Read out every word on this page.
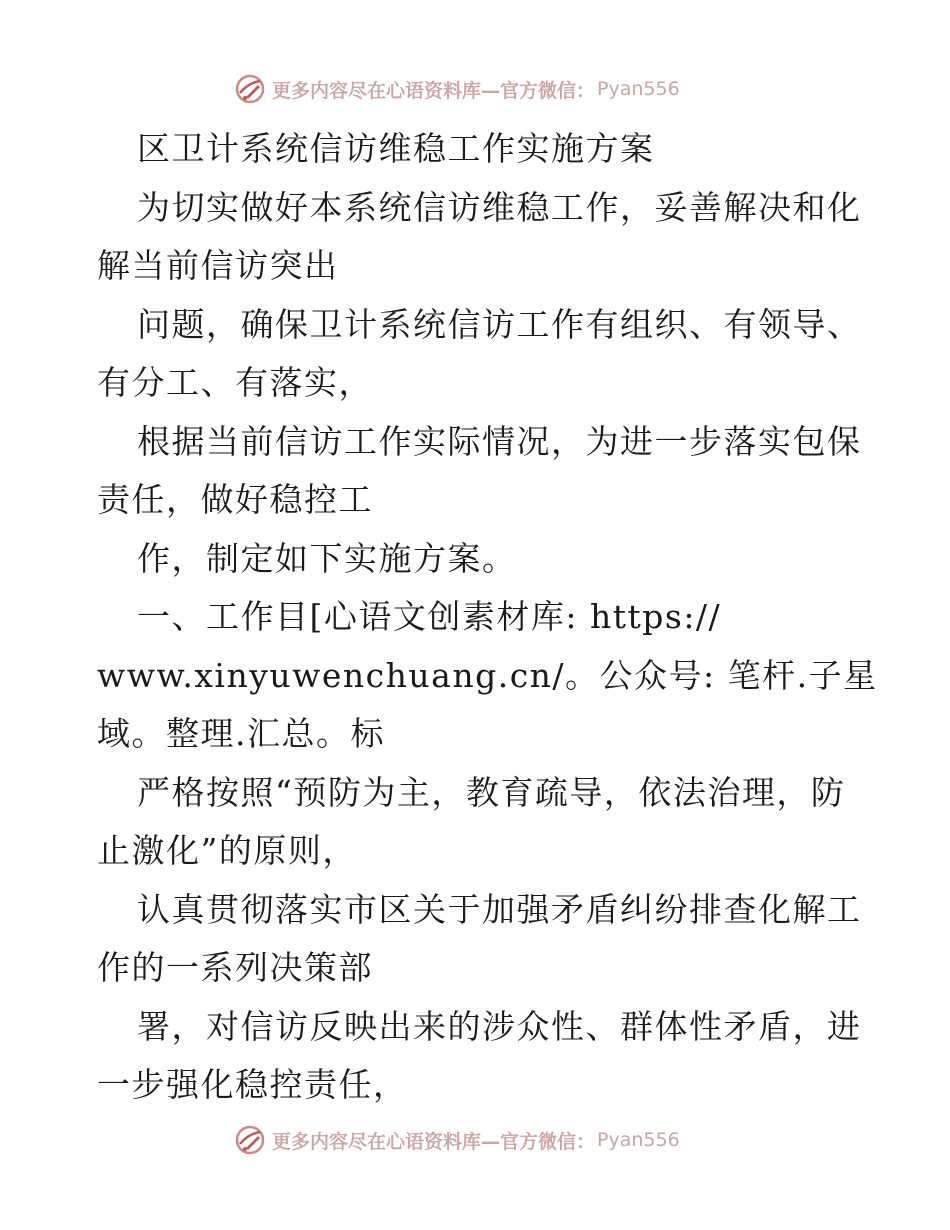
更多内容尽在心语资料库—官方微信： Pyan556
区卫计系统信访维稳工作实施方案
为切实做好本系统信访维稳工作，妥善解决和化
解当前信访突出
问题，确保卫计系统信访工作有组织、有领导、
有分工、有落实，
根据当前信访工作实际情况，为进一步落实包保
责任，做好稳控工
作，制定如下实施方案。
一、工作目[心语文创素材库: https://
www.xinyuwenchuang.cn/。公众号: 笔杆.子星
域。整理.汇总。标
严格按照“预防为主，教育疏导，依法治理，防
止激化”的原则，
认真贯彻落实市区关于加强矛盾纠纷排查化解工
作的一系列决策部
署，对信访反映出来的涉众性、群体性矛盾，进
一步强化稳控责任，
更多内容尽在心语资料库—官方微信： Pyan556
